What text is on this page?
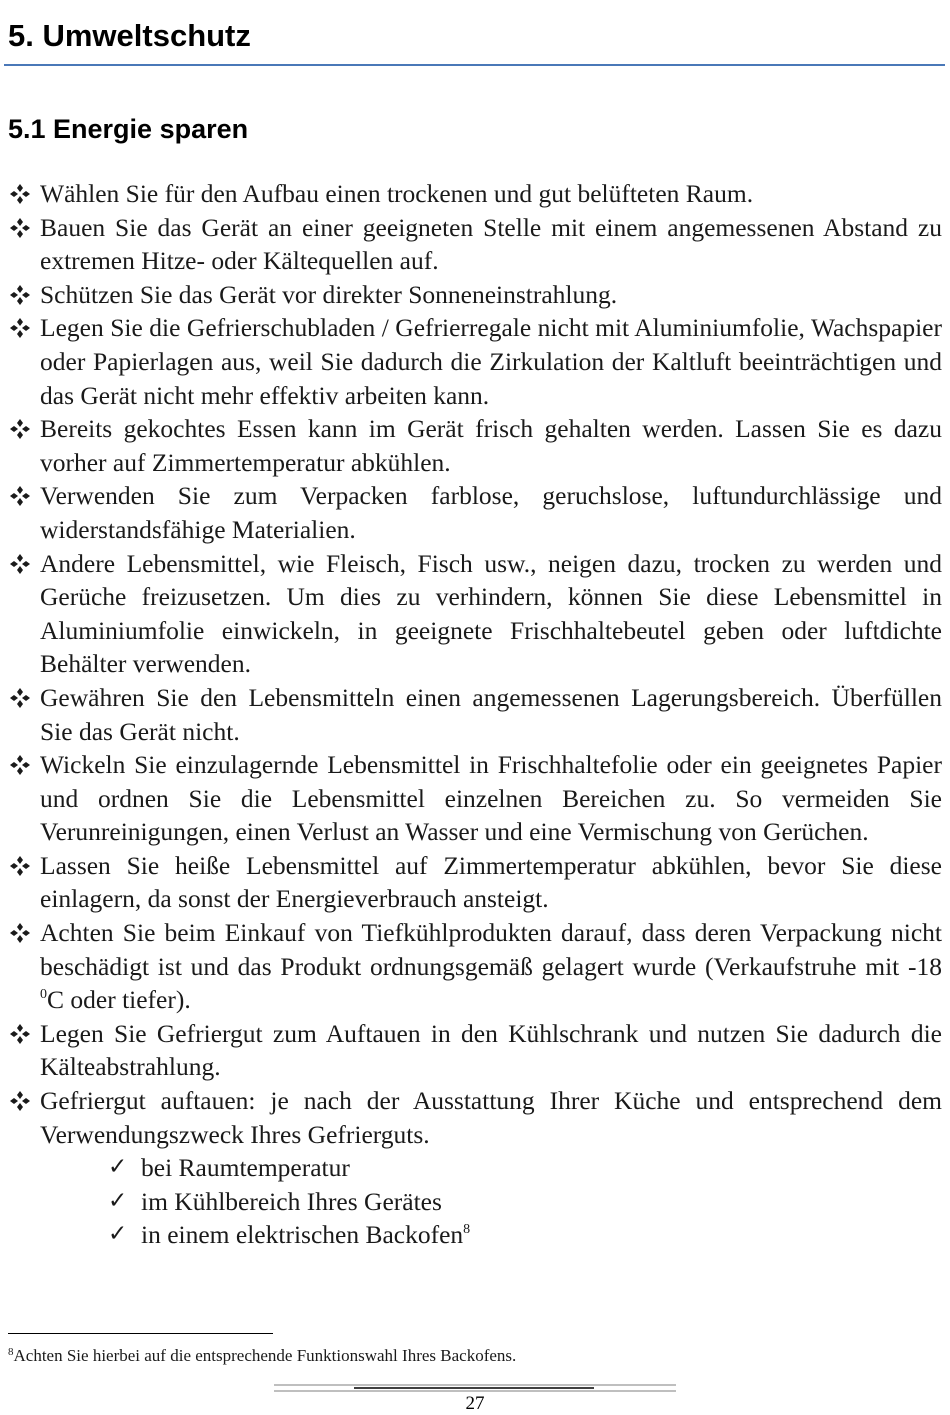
5. Umweltschutz
5.1 Energie sparen

Wählen Sie für den Aufbau einen trockenen und gut belüfteten Raum.

Bauen Sie das Gerät an einer geeigneten Stelle mit einem angemessenen Abstand zu extremen Hitze- oder Kältequellen auf.

Schützen Sie das Gerät vor direkter Sonneneinstrahlung.

Legen Sie die Gefrierschubladen / Gefrierregale nicht mit Aluminiumfolie, Wachspapier oder Papierlagen aus, weil Sie dadurch die Zirkulation der Kaltluft beeinträchtigen und das Gerät nicht mehr effektiv arbeiten kann.

Bereits gekochtes Essen kann im Gerät frisch gehalten werden. Lassen Sie es dazu vorher auf Zimmertemperatur abkühlen.

Verwenden Sie zum Verpacken farblose, geruchslose, luftundurchlässige und widerstandsfähige Materialien.

Andere Lebensmittel, wie Fleisch, Fisch usw., neigen dazu, trocken zu werden und Gerüche freizusetzen. Um dies zu verhindern, können Sie diese Lebensmittel in Aluminiumfolie einwickeln, in geeignete Frischhaltebeutel geben oder luftdichte Behälter verwenden.

Gewähren Sie den Lebensmitteln einen angemessenen Lagerungsbereich. Überfüllen Sie das Gerät nicht.

Wickeln Sie einzulagernde Lebensmittel in Frischhaltefolie oder ein geeignetes Papier und ordnen Sie die Lebensmittel einzelnen Bereichen zu. So vermeiden Sie Verunreinigungen, einen Verlust an Wasser und eine Vermischung von Gerüchen.

Lassen Sie heiße Lebensmittel auf Zimmertemperatur abkühlen, bevor Sie diese einlagern, da sonst der Energieverbrauch ansteigt.

Achten Sie beim Einkauf von Tiefkühlprodukten darauf, dass deren Verpackung nicht beschädigt ist und das Produkt ordnungsgemäß gelagert wurde (Verkaufstruhe mit -18 $^0$C oder tiefer).

Legen Sie Gefriergut zum Auftauen in den Kühlschrank und nutzen Sie dadurch die Kälteabstrahlung.

Gefriergut auftauen: je nach der Ausstattung Ihrer Küche und entsprechend dem Verwendungszweck Ihres Gefrierguts.

✓ bei Raumtemperatur

✓ im Kühlbereich Ihres Gerätes

✓ in einem elektrischen Backofen$^8$

$^8$Achten Sie hierbei auf die entsprechende Funktionswahl Ihres Backofens.
27
